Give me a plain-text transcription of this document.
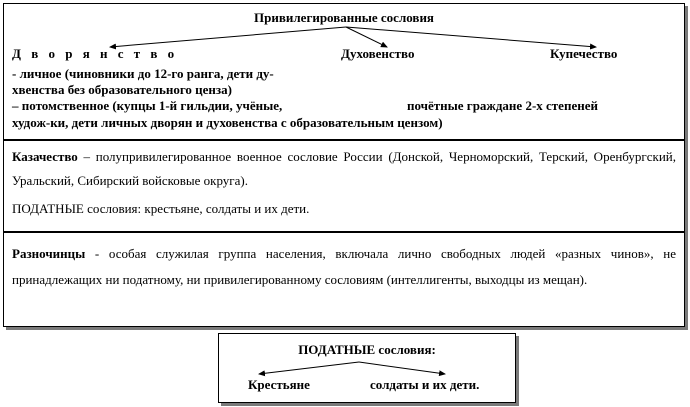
Привилегированные сословия
Д в о р я н с т в о	Духовенство	Купечество
- личное (чиновники до 12-го ранга, дети ду-
хвенства без образовательного ценза)
– потомственное (купцы 1-й гильдии, учёные,	почётные граждане 2-х степеней
худож-ки, дети личных дворян и духовенства с образовательным цензом)
Казачество – полупривилегированное военное сословие России (Донской, Черноморский, Терский, Оренбургский, Уральский, Сибирский войсковые округа).
ПОДАТНЫЕ сословия: крестьяне, солдаты и их дети.
Разночинцы - особая служилая группа населения, включала лично свободных людей «разных чинов», не принадлежащих ни податному, ни привилегированному сословиям (интеллигенты, выходцы из мещан).
ПОДАТНЫЕ сословия:
Крестьяне	солдаты и их дети.
